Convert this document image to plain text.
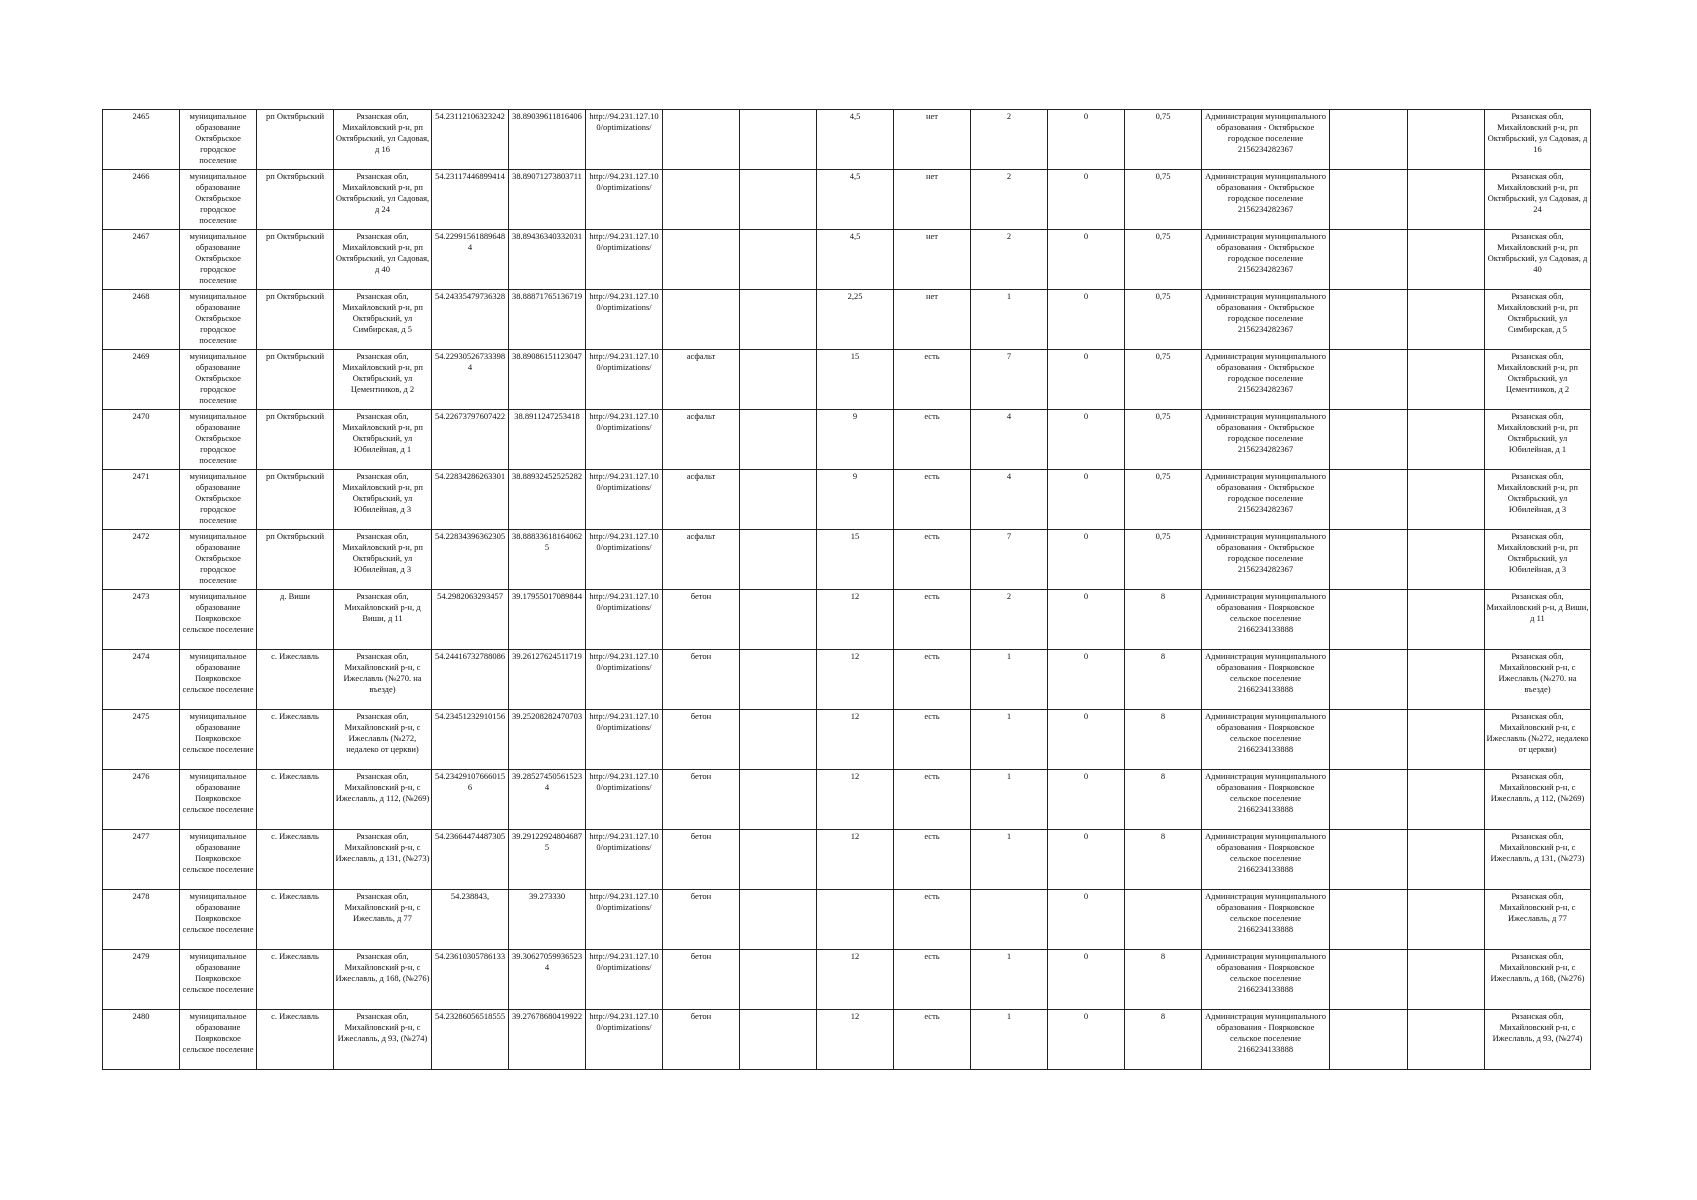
2465	муниципальное образование Октябрьское городское поселение	рп Октябрьский	Рязанская обл, Михайловский р-н, рп Октябрьский, ул Садовая, д 16	54.23112106323242	38.89039611816406	http://94.231.127.100/optimizations/			4,5	нет	2	0	0,75	Администрация муниципального образования - Октябрьское городское поселение 2156234282367			Рязанская обл, Михайловский р-н, рп Октябрьский, ул Садовая, д 16
2466	муниципальное образование Октябрьское городское поселение	рп Октябрьский	Рязанская обл, Михайловский р-н, рп Октябрьский, ул Садовая, д 24	54.23117446899414	38.89071273803711	http://94.231.127.100/optimizations/			4,5	нет	2	0	0,75	Администрация муниципального образования - Октябрьское городское поселение 2156234282367			Рязанская обл, Михайловский р-н, рп Октябрьский, ул Садовая, д 24
2467	муниципальное образование Октябрьское городское поселение	рп Октябрьский	Рязанская обл, Михайловский р-н, рп Октябрьский, ул Садовая, д 40	54.22991561889648 4	38.89436340332031	http://94.231.127.100/optimizations/			4,5	нет	2	0	0,75	Администрация муниципального образования - Октябрьское городское поселение 2156234282367			Рязанская обл, Михайловский р-н, рп Октябрьский, ул Садовая, д 40
2468	муниципальное образование Октябрьское городское поселение	рп Октябрьский	Рязанская обл, Михайловский р-н, рп Октябрьский, ул Симбирская, д 5	54.24335479736328	38.88871765136719	http://94.231.127.100/optimizations/			2,25	нет	1	0	0,75	Администрация муниципального образования - Октябрьское городское поселение 2156234282367			Рязанская обл, Михайловский р-н, рп Октябрьский, ул Симбирская, д 5
2469	муниципальное образование Октябрьское городское поселение	рп Октябрьский	Рязанская обл, Михайловский р-н, рп Октябрьский, ул Цементников, д 2	54.22930526733398 4	38.89086151123047	http://94.231.127.100/optimizations/	асфальт		15	есть	7	0	0,75	Администрация муниципального образования - Октябрьское городское поселение 2156234282367			Рязанская обл, Михайловский р-н, рп Октябрьский, ул Цементников, д 2
2470	муниципальное образование Октябрьское городское поселение	рп Октябрьский	Рязанская обл, Михайловский р-н, рп Октябрьский, ул Юбилейная, д 1	54.22673797607422	38.8911247253418	http://94.231.127.100/optimizations/	асфальт		9	есть	4	0	0,75	Администрация муниципального образования - Октябрьское городское поселение 2156234282367			Рязанская обл, Михайловский р-н, рп Октябрьский, ул Юбилейная, д 1
2471	муниципальное образование Октябрьское городское поселение	рп Октябрьский	Рязанская обл, Михайловский р-н, рп Октябрьский, ул Юбилейная, д 3	54.22834286263301	38.88932452525282	http://94.231.127.100/optimizations/	асфальт		9	есть	4	0	0,75	Администрация муниципального образования - Октябрьское городское поселение 2156234282367			Рязанская обл, Михайловский р-н, рп Октябрьский, ул Юбилейная, д 3
2472	муниципальное образование Октябрьское городское поселение	рп Октябрьский	Рязанская обл, Михайловский р-н, рп Октябрьский, ул Юбилейная, д 3	54.22834396362305	38.88833618164062 5	http://94.231.127.100/optimizations/	асфальт		15	есть	7	0	0,75	Администрация муниципального образования - Октябрьское городское поселение 2156234282367			Рязанская обл, Михайловский р-н, рп Октябрьский, ул Юбилейная, д 3
2473	муниципальное образование Поярковское сельское поселение	д. Виши	Рязанская обл, Михайловский р-н, д Виши, д 11	54.2982063293457	39.17955017089844	http://94.231.127.100/optimizations/	бетон		12	есть	2	0	8	Администрация муниципального образования - Поярковское сельское поселение 2166234133888			Рязанская обл, Михайловский р-н, д Виши, д 11
2474	муниципальное образование Поярковское сельское поселение	с. Ижеславль	Рязанская обл, Михайловский р-н, с Ижеславль (№270. на въезде)	54.24416732788086	39.26127624511719	http://94.231.127.100/optimizations/	бетон		12	есть	1	0	8	Администрация муниципального образования - Поярковское сельское поселение 2166234133888			Рязанская обл, Михайловский р-н, с Ижеславль (№270. на въезде)
2475	муниципальное образование Поярковское сельское поселение	с. Ижеславль	Рязанская обл, Михайловский р-н, с Ижеславль (№272, недалеко от церкви)	54.23451232910156	39.25208282470703	http://94.231.127.100/optimizations/	бетон		12	есть	1	0	8	Администрация муниципального образования - Поярковское сельское поселение 2166234133888			Рязанская обл, Михайловский р-н, с Ижеславль (№272, недалеко от церкви)
2476	муниципальное образование Поярковское сельское поселение	с. Ижеславль	Рязанская обл, Михайловский р-н, с Ижеславль, д 112, (№269)	54.23429107666015 6	39.28527450561523 4	http://94.231.127.100/optimizations/	бетон		12	есть	1	0	8	Администрация муниципального образования - Поярковское сельское поселение 2166234133888			Рязанская обл, Михайловский р-н, с Ижеславль, д 112, (№269)
2477	муниципальное образование Поярковское сельское поселение	с. Ижеславль	Рязанская обл, Михайловский р-н, с Ижеславль, д 131, (№273)	54.23664474487305	39.29122924804687 5	http://94.231.127.100/optimizations/	бетон		12	есть	1	0	8	Администрация муниципального образования - Поярковское сельское поселение 2166234133888			Рязанская обл, Михайловский р-н, с Ижеславль, д 131, (№273)
2478	муниципальное образование Поярковское сельское поселение	с. Ижеславль	Рязанская обл, Михайловский р-н, с Ижеславль, д 77	54.238843,	39.273330	http://94.231.127.100/optimizations/	бетон			есть		0		Администрация муниципального образования - Поярковское сельское поселение 2166234133888			Рязанская обл, Михайловский р-н, с Ижеславль, д 77
2479	муниципальное образование Поярковское сельское поселение	с. Ижеславль	Рязанская обл, Михайловский р-н, с Ижеславль, д 168, (№276)	54.23610305786133	39.30627059936523 4	http://94.231.127.100/optimizations/	бетон		12	есть	1	0	8	Администрация муниципального образования - Поярковское сельское поселение 2166234133888			Рязанская обл, Михайловский р-н, с Ижеславль, д 168, (№276)
2480	муниципальное образование Поярковское сельское поселение	с. Ижеславль	Рязанская обл, Михайловский р-н, с Ижеславль, д 93, (№274)	54.23286056518555	39.27678680419922	http://94.231.127.100/optimizations/	бетон		12	есть	1	0	8	Администрация муниципального образования - Поярковское сельское поселение 2166234133888			Рязанская обл, Михайловский р-н, с Ижеславль, д 93, (№274)
